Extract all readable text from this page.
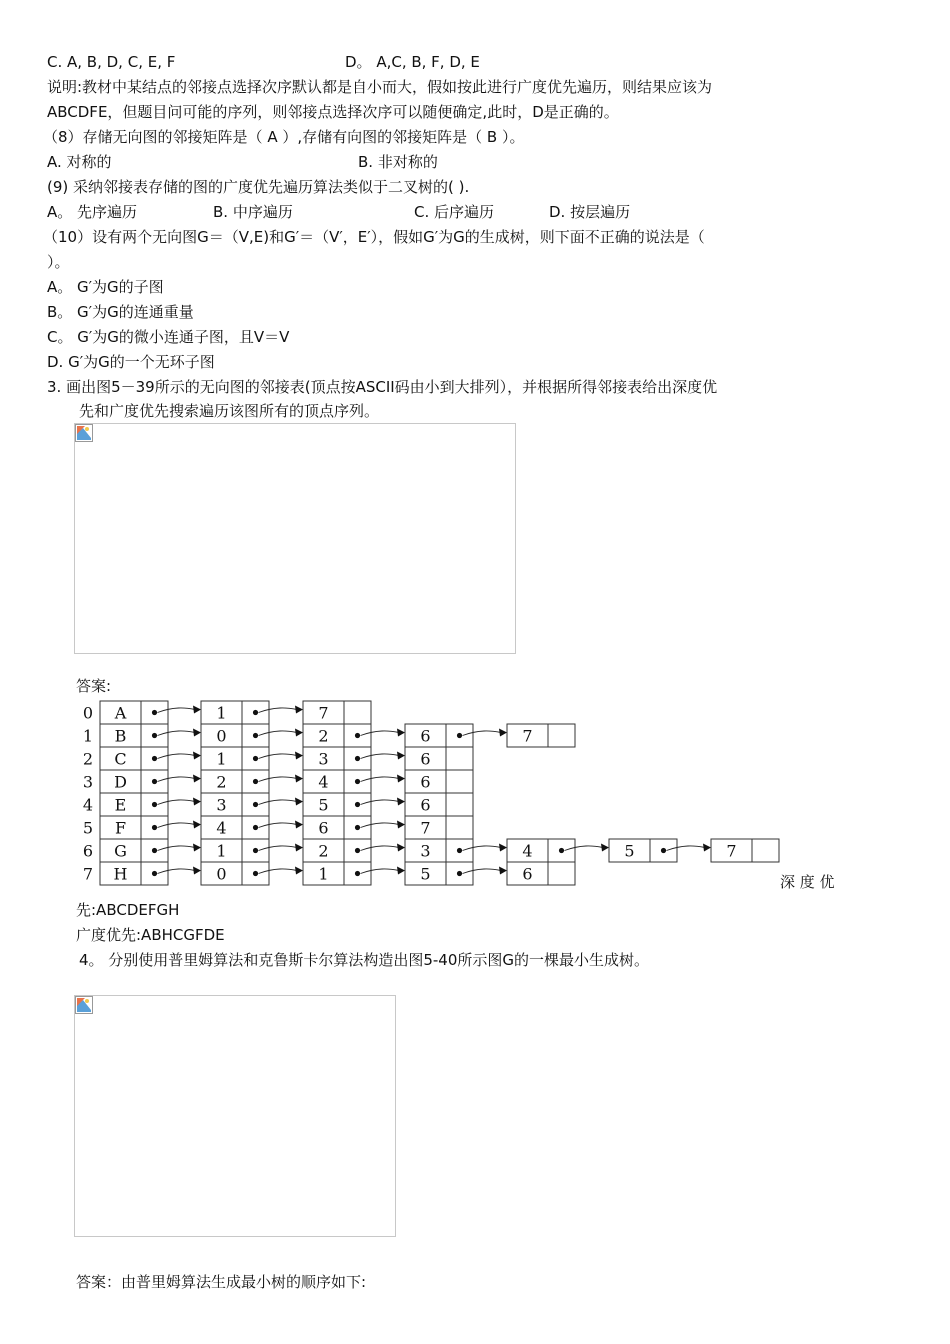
C. A, B, D, C, E, F	D。 A,C, B, F, D, E
说明:教材中某结点的邻接点选择次序默认都是自小而大，假如按此进行广度优先遍历，则结果应该为
ABCDFE，但题目问可能的序列，则邻接点选择次序可以随便确定,此时，D是正确的。
（8）存储无向图的邻接矩阵是（ A ）,存储有向图的邻接矩阵是（ B ）。
A. 对称的	B. 非对称的
(9) 采纳邻接表存储的图的广度优先遍历算法类似于二叉树的( ).
A。 先序遍历	B. 中序遍历	C. 后序遍历	D. 按层遍历
（10）设有两个无向图G＝（V,E)和G′＝（V′，E′），假如G′为G的生成树，则下面不正确的说法是（
）。
A。 G′为G的子图
B。 G′为G的连通重量
C。 G′为G的微小连通子图，且V＝V
D. G′为G的一个无环子图
3. 画出图5－39所示的无向图的邻接表(顶点按ASCII码由小到大排列），并根据所得邻接表给出深度优
先和广度优先搜索遍历该图所有的顶点序列。
答案:
0 A	1	7
1 B	0	2	6	7
2 C	1	3	6
3 D	2	4	6
4 E	3	5	6
5 F	4	6	7
6 G	1	2	3	4	5	7
7 H	0	1	5	6	深 度 优
先:ABCDEFGH
广度优先:ABHCGFDE
4。 分别使用普里姆算法和克鲁斯卡尔算法构造出图5-40所示图G的一棵最小生成树。
答案：由普里姆算法生成最小树的顺序如下:
